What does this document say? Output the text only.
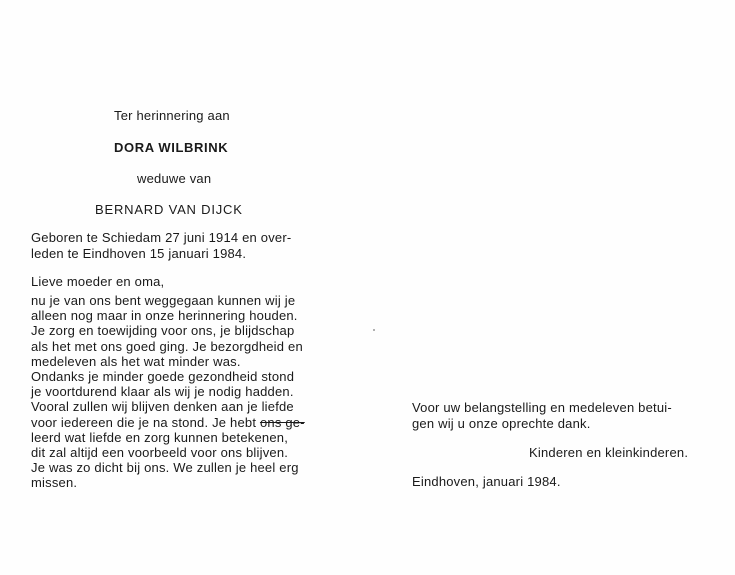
Ter herinnering aan
DORA WILBRINK
weduwe van
BERNARD VAN DIJCK
Geboren te Schiedam 27 juni 1914 en over-
leden te Eindhoven 15 januari 1984.
Lieve moeder en oma,
nu je van ons bent weggegaan kunnen wij je
alleen nog maar in onze herinnering houden.
Je zorg en toewijding voor ons, je blijdschap
als het met ons goed ging. Je bezorgdheid en
medeleven als het wat minder was.
Ondanks je minder goede gezondheid stond
je voortdurend klaar als wij je nodig hadden.
Vooral zullen wij blijven denken aan je liefde
voor iedereen die je na stond. Je hebt ons ge-
leerd wat liefde en zorg kunnen betekenen,
dit zal altijd een voorbeeld voor ons blijven.
Je was zo dicht bij ons. We zullen je heel erg
missen.
Voor uw belangstelling en medeleven betui-
gen wij u onze oprechte dank.
Kinderen en kleinkinderen.
Eindhoven, januari 1984.
